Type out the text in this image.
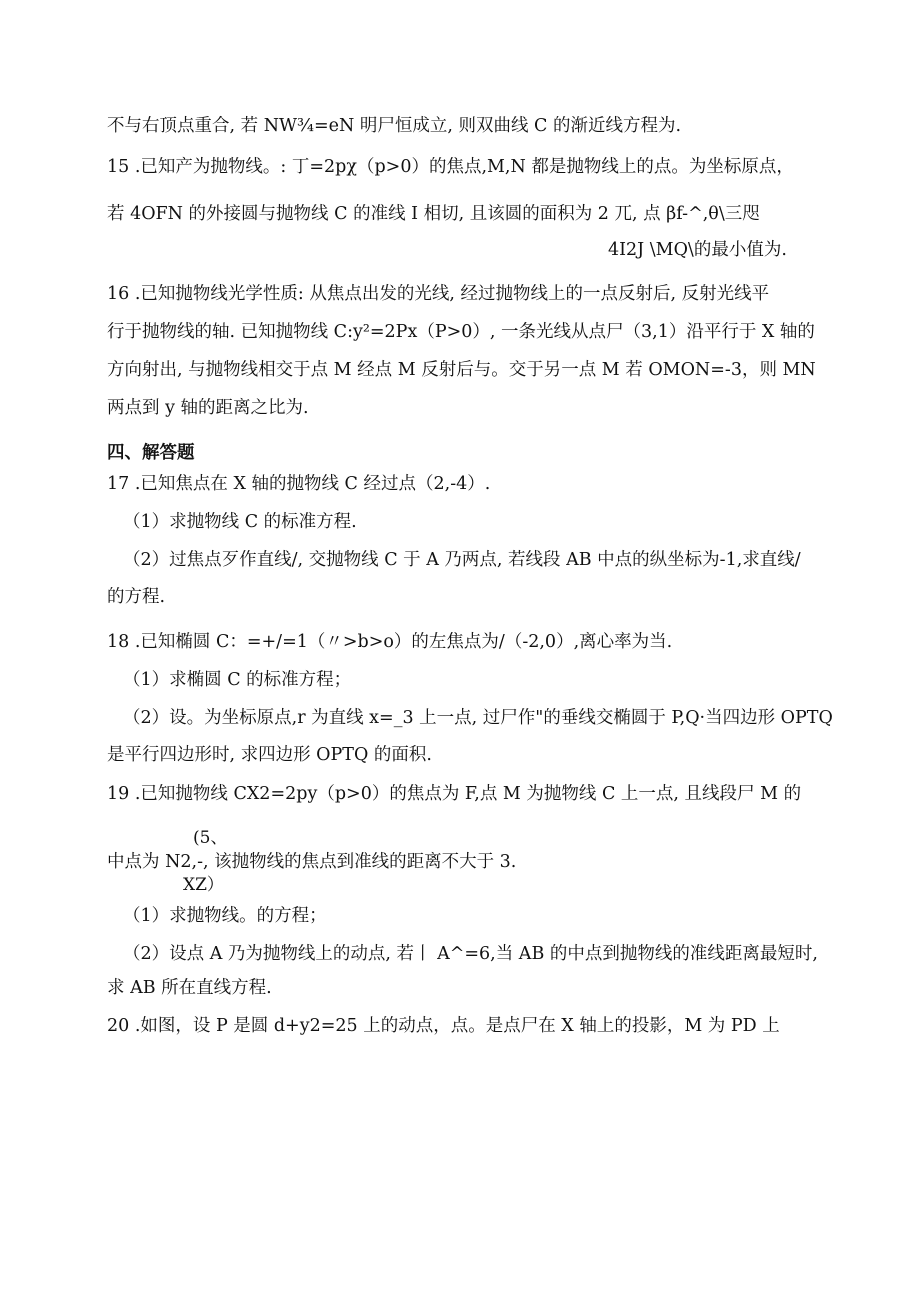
不与右顶点重合, 若 NW¾=eN 明尸恒成立, 则双曲线 C 的渐近线方程为.
15 .已知产为抛物线。: 丁=2pχ（p>0）的焦点,M,N 都是抛物线上的点。为坐标原点，
若 4OFN 的外接圆与抛物线 C 的准线 I 相切, 且该圆的面积为 2 兀, 点 βf-^,θ\三咫
4I2J \MQ\的最小值为.
16 .已知抛物线光学性质: 从焦点出发的光线, 经过抛物线上的一点反射后, 反射光线平
行于抛物线的轴. 已知抛物线 C:y²=2Px（P>0）, 一条光线从点尸（3,1）沿平行于 X 轴的
方向射出, 与抛物线相交于点 M 经点 M 反射后与。交于另一点 M 若 OMON=-3，则 MN
两点到 y 轴的距离之比为.
四、解答题
17 .已知焦点在 X 轴的抛物线 C 经过点（2,-4）.
（1）求抛物线 C 的标准方程.
（2）过焦点歹作直线/, 交抛物线 C 于 A 乃两点, 若线段 AB 中点的纵坐标为-1,求直线/
的方程.
18 .已知椭圆 C：=+/=1（〃>b>o）的左焦点为/（-2,0）,离心率为当.
（1）求椭圆 C 的标准方程；
（2）设。为坐标原点,r 为直线 x=_3 上一点, 过尸作"的垂线交椭圆于 P,Q·当四边形 OPTQ
是平行四边形时, 求四边形 OPTQ 的面积.
19 .已知抛物线 CX2=2py（p>0）的焦点为 F,点 M 为抛物线 C 上一点, 且线段尸 M 的
(5、
中点为 N2,-, 该抛物线的焦点到准线的距离不大于 3.
XZ）
（1）求抛物线。的方程；
（2）设点 A 乃为抛物线上的动点, 若丨 A^=6,当 AB 的中点到抛物线的准线距离最短时,
求 AB 所在直线方程.
20 .如图，设 P 是圆 d+y2=25 上的动点，点。是点尸在 X 轴上的投影，M 为 PD 上
